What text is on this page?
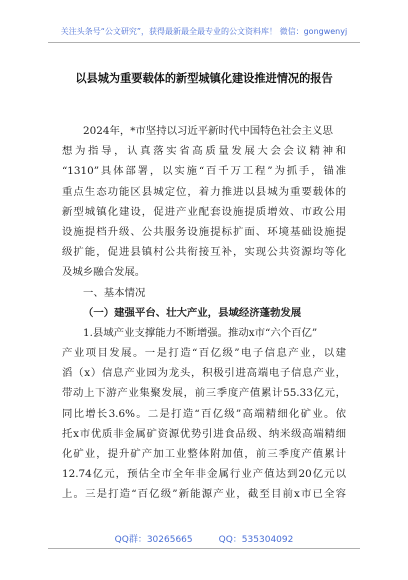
关注头条号“公文研究”，获得最新最全最专业的公文资料库！ 微信：gongwenyj
以县城为重要载体的新型城镇化建设推进情况的报告
2024年，*市坚持以习近平新时代中国特色社会主义思
想为指导，认真落实省高质量发展大会会议精神和
“1310”具体部署，以实施“百千万工程”为抓手，锚准
重点生态功能区县城定位，着力推进以县城为重要载体的
新型城镇化建设，促进产业配套设施提质增效、市政公用
设施提档升级、公共服务设施提标扩面、环境基础设施提
级扩能，促进县镇村公共衔接互补，实现公共资源均等化
及城乡融合发展。
一、基本情况
（一）建强平台、壮大产业，县域经济蓬勃发展
1.县域产业支撑能力不断增强。推动x市“六个百亿”
产业项目发展。一是打造“百亿级”电子信息产业，以建
滔（x）信息产业园为龙头，积极引进高端电子信息产业，
带动上下游产业集聚发展，前三季度产值累计55.33亿元，
同比增长3.6%。二是打造“百亿级”高端精细化矿业。依
托x市优质非金属矿资源优势引进食品级、纳米级高端精细
化矿业，提升矿产加工业整体附加值，前三季度产值累计
12.74亿元，预估全市全年非金属行业产值达到20亿元以
上。三是打造“百亿级”新能源产业，截至目前x市已全容
QQ群：30265665	QQ：535304092
